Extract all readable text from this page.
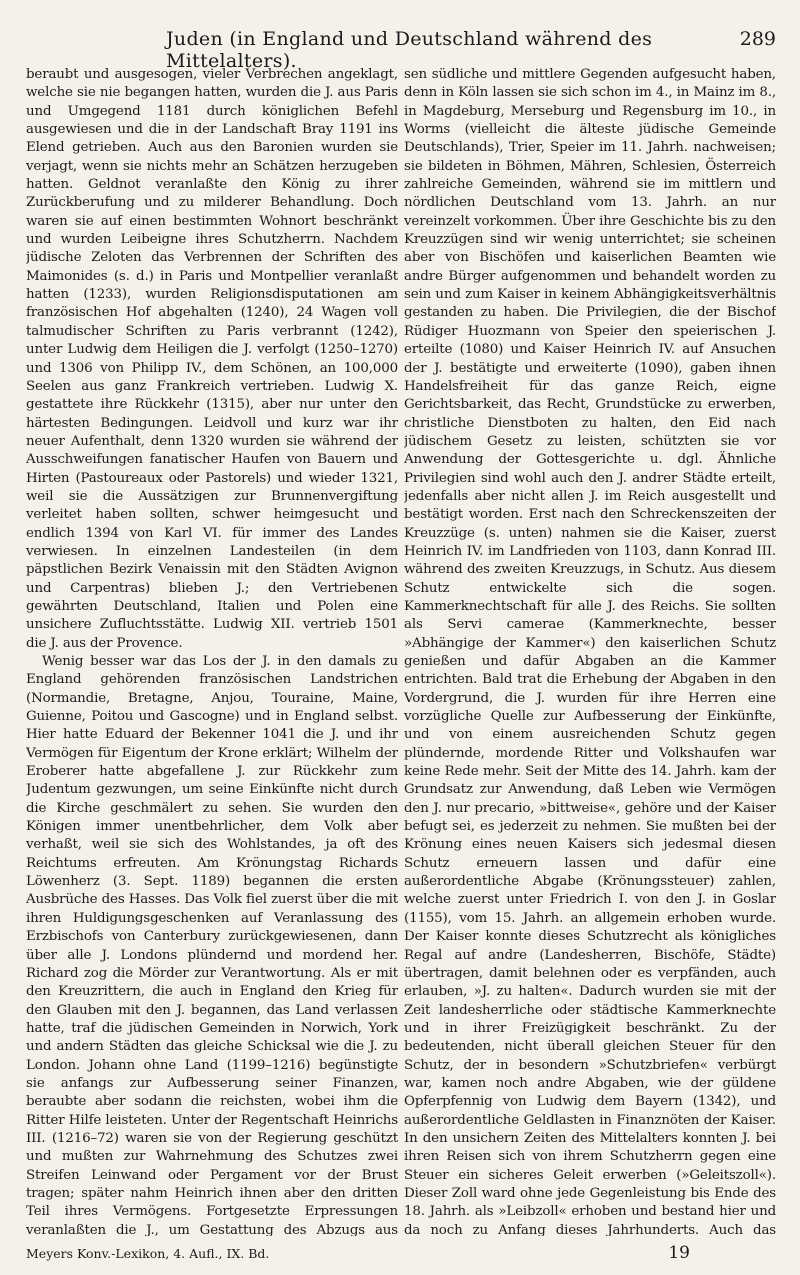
Juden (in England und Deutschland während des Mittelalters).
289

beraubt und ausgesogen, vieler Verbrechen angeklagt, welche sie nie begangen hatten, wurden die J. aus Paris und Umgegend 1181 durch königlichen Befehl ausgewiesen und die in der Landschaft Bray 1191 ins Elend getrieben. Auch aus den Baronien wurden sie verjagt, wenn sie nichts mehr an Schätzen herzugeben hatten. Geldnot veranlaßte den König zu ihrer Zurückberufung und zu milderer Behandlung. Doch waren sie auf einen bestimmten Wohnort beschränkt und wurden Leibeigne ihres Schutzherrn. Nachdem jüdische Zeloten das Verbrennen der Schriften des Maimonides (s. d.) in Paris und Montpellier veranlaßt hatten (1233), wurden Religionsdisputationen am französischen Hof abgehalten (1240), 24 Wagen voll talmudischer Schriften zu Paris verbrannt (1242), unter Ludwig dem Heiligen die J. verfolgt (1250–1270) und 1306 von Philipp IV., dem Schönen, an 100,000 Seelen aus ganz Frankreich vertrieben. Ludwig X. gestattete ihre Rückkehr (1315), aber nur unter den härtesten Bedingungen. Leidvoll und kurz war ihr neuer Aufenthalt, denn 1320 wurden sie während der Ausschweifungen fanatischer Haufen von Bauern und Hirten (Pastoureaux oder Pastorels) und wieder 1321, weil sie die Aussätzigen zur Brunnenvergiftung verleitet haben sollten, schwer heimgesucht und endlich 1394 von Karl VI. für immer des Landes verwiesen. In einzelnen Landesteilen (in dem päpstlichen Bezirk Venaissin mit den Städten Avignon und Carpentras) blieben J.; den Vertriebenen gewährten Deutschland, Italien und Polen eine unsichere Zufluchtsstätte. Ludwig XII. vertrieb 1501 die J. aus der Provence.

Wenig besser war das Los der J. in den damals zu England gehörenden französischen Landstrichen (Normandie, Bretagne, Anjou, Touraine, Maine, Guienne, Poitou und Gascogne) und in England selbst. Hier hatte Eduard der Bekenner 1041 die J. und ihr Vermögen für Eigentum der Krone erklärt; Wilhelm der Eroberer hatte abgefallene J. zur Rückkehr zum Judentum gezwungen, um seine Einkünfte nicht durch die Kirche geschmälert zu sehen. Sie wurden den Königen immer unentbehrlicher, dem Volk aber verhaßt, weil sie sich des Wohlstandes, ja oft des Reichtums erfreuten. Am Krönungstag Richards Löwenherz (3. Sept. 1189) begannen die ersten Ausbrüche des Hasses. Das Volk fiel zuerst über die mit ihren Huldigungsgeschenken auf Veranlassung des Erzbischofs von Canterbury zurückgewiesenen, dann über alle J. Londons plündernd und mordend her. Richard zog die Mörder zur Verantwortung. Als er mit den Kreuzrittern, die auch in England den Krieg für den Glauben mit den J. begannen, das Land verlassen hatte, traf die jüdischen Gemeinden in Norwich, York und andern Städten das gleiche Schicksal wie die J. zu London. Johann ohne Land (1199–1216) begünstigte sie anfangs zur Aufbesserung seiner Finanzen, beraubte aber sodann die reichsten, wobei ihm die Ritter Hilfe leisteten. Unter der Regentschaft Heinrichs III. (1216–72) waren sie von der Regierung geschützt und mußten zur Wahrnehmung des Schutzes zwei Streifen Leinwand oder Pergament vor der Brust tragen; später nahm Heinrich ihnen aber den dritten Teil ihres Vermögens. Fortgesetzte Erpressungen veranlaßten die J., um Gestattung des Abzugs aus

sen südliche und mittlere Gegenden aufgesucht haben, denn in Köln lassen sie sich schon im 4., in Mainz im 8., in Magdeburg, Merseburg und Regensburg im 10., in Worms (vielleicht die älteste jüdische Gemeinde Deutschlands), Trier, Speier im 11. Jahrh. nachweisen; sie bildeten in Böhmen, Mähren, Schlesien, Österreich zahlreiche Gemeinden, während sie im mittlern und nördlichen Deutschland vom 13. Jahrh. an nur vereinzelt vorkommen. Über ihre Geschichte bis zu den Kreuzzügen sind wir wenig unterrichtet; sie scheinen aber von Bischöfen und kaiserlichen Beamten wie andre Bürger aufgenommen und behandelt worden zu sein und zum Kaiser in keinem Abhängigkeitsverhältnis gestanden zu haben. Die Privilegien, die der Bischof Rüdiger Huozmann von Speier den speierischen J. erteilte (1080) und Kaiser Heinrich IV. auf Ansuchen der J. bestätigte und erweiterte (1090), gaben ihnen Handelsfreiheit für das ganze Reich, eigne Gerichtsbarkeit, das Recht, Grundstücke zu erwerben, christliche Dienstboten zu halten, den Eid nach jüdischem Gesetz zu leisten, schützten sie vor Anwendung der Gottesgerichte u. dgl. Ähnliche Privilegien sind wohl auch den J. andrer Städte erteilt, jedenfalls aber nicht allen J. im Reich ausgestellt und bestätigt worden. Erst nach den Schreckenszeiten der Kreuzzüge (s. unten) nahmen sie die Kaiser, zuerst Heinrich IV. im Landfrieden von 1103, dann Konrad III. während des zweiten Kreuzzugs, in Schutz. Aus diesem Schutz entwickelte sich die sogen. Kammerknechtschaft für alle J. des Reichs. Sie sollten als Servi camerae (Kammerknechte, besser »Abhängige der Kammer«) den kaiserlichen Schutz genießen und dafür Abgaben an die Kammer entrichten. Bald trat die Erhebung der Abgaben in den Vordergrund, die J. wurden für ihre Herren eine vorzügliche Quelle zur Aufbesserung der Einkünfte, und von einem ausreichenden Schutz gegen plündernde, mordende Ritter und Volkshaufen war keine Rede mehr. Seit der Mitte des 14. Jahrh. kam der Grundsatz zur Anwendung, daß Leben wie Vermögen den J. nur precario, »bittweise«, gehöre und der Kaiser befugt sei, es jederzeit zu nehmen. Sie mußten bei der Krönung eines neuen Kaisers sich jedesmal diesen Schutz erneuern lassen und dafür eine außerordentliche Abgabe (Krönungssteuer) zahlen, welche zuerst unter Friedrich I. von den J. in Goslar (1155), vom 15. Jahrh. an allgemein erhoben wurde. Der Kaiser konnte dieses Schutzrecht als königliches Regal auf andre (Landesherren, Bischöfe, Städte) übertragen, damit belehnen oder es verpfänden, auch erlauben, »J. zu halten«. Dadurch wurden sie mit der Zeit landesherrliche oder städtische Kammerknechte und in ihrer Freizügigkeit beschränkt. Zu der bedeutenden, nicht überall gleichen Steuer für den Schutz, der in besondern »Schutzbriefen« verbürgt war, kamen noch andre Abgaben, wie der güldene Opferpfennig von Ludwig dem Bayern (1342), und außerordentliche Geldlasten in Finanznöten der Kaiser. In den unsichern Zeiten des Mittelalters konnten J. bei ihren Reisen sich von ihrem Schutzherrn gegen eine Steuer ein sicheres Geleit erwerben (»Geleitszoll«). Dieser Zoll ward ohne jede Gegenleistung bis Ende des 18. Jahrh. als »Leibzoll« erhoben und bestand hier und da noch zu Anfang dieses Jahrhunderts. Auch das

Meyers Konv.-Lexikon, 4. Aufl., IX. Bd.	19
